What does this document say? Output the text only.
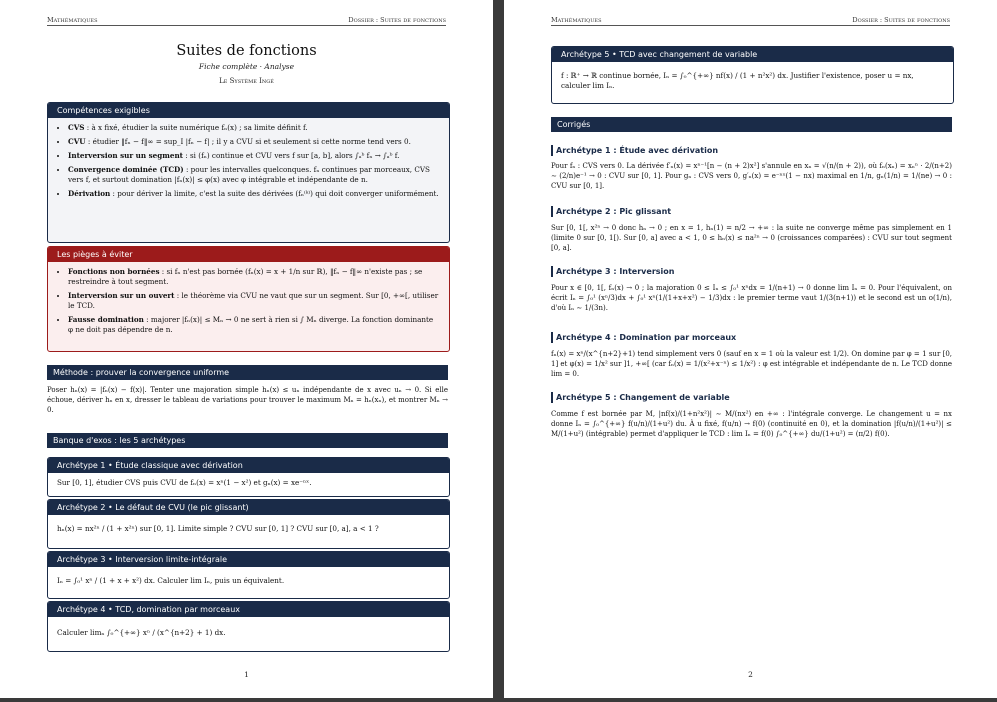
Mathématiques	Dossier : Suites de fonctions
Suites de fonctions
Fiche complète · Analyse
Le Système Ingé
Compétences exigibles
• CVS : à x fixé, étudier la suite numérique fₙ(x) ; sa limite définit f.
• CVU : étudier ‖fₙ − f‖∞ = sup_I |fₙ − f| ; il y a CVU si et seulement si cette norme tend vers 0.
• Interversion sur un segment : si (fₙ) continue et CVU vers f sur [a, b], alors ∫ₐᵇ fₙ → ∫ₐᵇ f.
• Convergence dominée (TCD) : pour les intervalles quelconques. fₙ continues par morceaux, CVS vers f, et surtout domination |fₙ(x)| ≤ φ(x) avec φ intégrable et indépendante de n.
• Dérivation : pour dériver la limite, c'est la suite des dérivées (fₙ⁽ᵏ⁾) qui doit converger uniformément.
Les pièges à éviter
• Fonctions non bornées : si fₙ n'est pas bornée (fₙ(x) = x + 1/n sur ℝ), ‖fₙ − f‖∞ n'existe pas ; se restreindre à tout segment.
• Interversion sur un ouvert : le théorème via CVU ne vaut que sur un segment. Sur [0, +∞[, utiliser le TCD.
• Fausse domination : majorer |fₙ(x)| ≤ Mₙ → 0 ne sert à rien si ∫ Mₙ diverge. La fonction dominante φ ne doit pas dépendre de n.
Méthode : prouver la convergence uniforme
Poser hₙ(x) = |fₙ(x) − f(x)|. Tenter une majoration simple hₙ(x) ≤ uₙ indépendante de x avec uₙ → 0. Si elle échoue, dériver hₙ en x, dresser le tableau de variations pour trouver le maximum Mₙ = hₙ(xₙ), et montrer Mₙ → 0.
Banque d'exos : les 5 archétypes
Archétype 1 • Étude classique avec dérivation
Sur [0, 1], étudier CVS puis CVU de fₙ(x) = xⁿ(1 − x²) et gₙ(x) = xe⁻ⁿˣ.
Archétype 2 • Le défaut de CVU (le pic glissant)
hₙ(x) = nx²ⁿ / (1 + x²ⁿ) sur [0, 1]. Limite simple ? CVU sur [0, 1] ? CVU sur [0, a], a < 1 ?
Archétype 3 • Interversion limite-intégrale
Iₙ = ∫₀¹ xⁿ / (1 + x + x²) dx. Calculer lim Iₙ, puis un équivalent.
Archétype 4 • TCD, domination par morceaux
Calculer limₙ ∫₀^{+∞} xⁿ / (x^{n+2} + 1) dx.
1
Mathématiques	Dossier : Suites de fonctions
Archétype 5 • TCD avec changement de variable
f : ℝ⁺ → ℝ continue bornée, Iₙ = ∫₀^{+∞} nf(x) / (1 + n²x²) dx. Justifier l'existence, poser u = nx, calculer lim Iₙ.
Corrigés
Archétype 1 : Étude avec dérivation
Pour fₙ : CVS vers 0. La dérivée f′ₙ(x) = xⁿ⁻¹[n − (n + 2)x²] s'annule en xₙ = √(n/(n + 2)), où fₙ(xₙ) = xₙⁿ · 2/(n+2) ∼ (2/n)e⁻¹ → 0 : CVU sur [0, 1]. Pour gₙ : CVS vers 0, g′ₙ(x) = e⁻ⁿˣ(1 − nx) maximal en 1/n, gₙ(1/n) = 1/(ne) → 0 : CVU sur [0, 1].
Archétype 2 : Pic glissant
Sur [0, 1[, x²ⁿ → 0 donc hₙ → 0 ; en x = 1, hₙ(1) = n/2 → +∞ : la suite ne converge même pas simplement en 1 (limite 0 sur [0, 1[). Sur [0, a] avec a < 1, 0 ≤ hₙ(x) ≤ na²ⁿ → 0 (croissances comparées) : CVU sur tout segment [0, a].
Archétype 3 : Interversion
Pour x ∈ [0, 1[, fₙ(x) → 0 ; la majoration 0 ≤ Iₙ ≤ ∫₀¹ xⁿdx = 1/(n+1) → 0 donne lim Iₙ = 0. Pour l'équivalent, on écrit Iₙ = ∫₀¹ (xⁿ/3)dx + ∫₀¹ xⁿ(1/(1+x+x²) − 1/3)dx : le premier terme vaut 1/(3(n+1)) et le second est un o(1/n), d'où Iₙ ∼ 1/(3n).
Archétype 4 : Domination par morceaux
fₙ(x) = xⁿ/(x^{n+2}+1) tend simplement vers 0 (sauf en x = 1 où la valeur est 1/2). On domine par φ = 1 sur [0, 1] et φ(x) = 1/x² sur ]1, +∞[ (car fₙ(x) = 1/(x²+x⁻ⁿ) ≤ 1/x²) : φ est intégrable et indépendante de n. Le TCD donne lim = 0.
Archétype 5 : Changement de variable
Comme f est bornée par M, |nf(x)/(1+n²x²)| ∼ M/(nx²) en +∞ : l'intégrale converge. Le changement u = nx donne Iₙ = ∫₀^{+∞} f(u/n)/(1+u²) du. À u fixé, f(u/n) → f(0) (continuité en 0), et la domination |f(u/n)/(1+u²)| ≤ M/(1+u²) (intégrable) permet d'appliquer le TCD : lim Iₙ = f(0) ∫₀^{+∞} du/(1+u²) = (π/2) f(0).
2
